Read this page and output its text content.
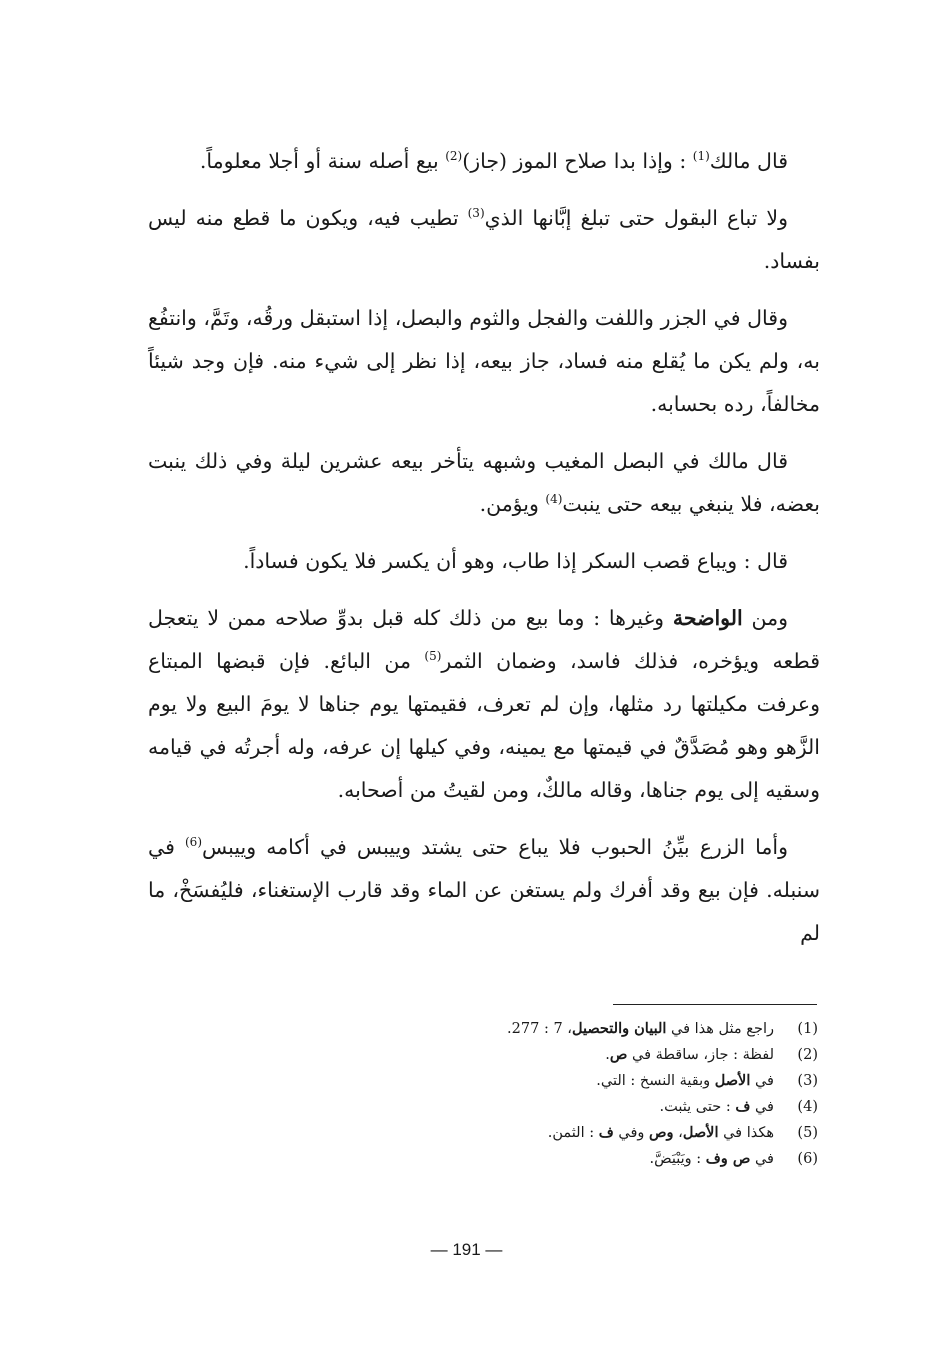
قال مالك$^{(1)}$ : وإذا بدا صلاح الموز (جاز)$^{(2)}$ بيع أصله سنة أو أجلا معلوماً.

ولا تباع البقول حتى تبلغ إبَّانها الذي$^{(3)}$ تطيب فيه، ويكون ما قطع منه ليس بفساد.

وقال في الجزر واللفت والفجل والثوم والبصل، إذا استبقل ورقُه، وتَمَّ، وانتفُع به، ولم يكن ما يُقلع منه فساد، جاز بيعه، إذا نظر إلى شيء منه. فإن وجد شيئاً مخالفاً، رده بحسابه.

قال مالك في البصل المغيب وشبهه يتأخر بيعه عشرين ليلة وفي ذلك ينبت بعضه، فلا ينبغي بيعه حتى ينبت$^{(4)}$ ويؤمن.

قال : ويباع قصب السكر إذا طاب، وهو أن يكسر فلا يكون فساداً.

ومن الواضحة وغيرها : وما بيع من ذلك كله قبل بدوِّ صلاحه ممن لا يتعجل قطعه ويؤخره، فذلك فاسد، وضمان الثمر$^{(5)}$ من البائع. فإن قبضها المبتاع وعرفت مكيلتها رد مثلها، وإن لم تعرف، فقيمتها يوم جناها لا يومَ البيع ولا يوم الزَّهو وهو مُصَدَّقٌ في قيمتها مع يمينه، وفي كيلها إن عرفه، وله أجرتُه في قيامه وسقيه إلى يوم جناها، وقاله مالكٌ، ومن لقيتُ من أصحابه.

وأما الزرع بيِّنُ الحبوب فلا يباع حتى يشتد وييبس في أكامه وييبس$^{(6)}$ في سنبله. فإن بيع وقد أفرك ولم يستغن عن الماء وقد قارب الإستغناء، فليُفسَخْ، ما لم

(1)
راجع مثل هذا في البيان والتحصيل، 7 : 277.
(2)
لفظة : جاز، ساقطة في ص.
(3)
في الأصل وبقية النسخ : التي.
(4)
في ف : حتى يثبت.
(5)
هكذا في الأصل، وص وفي ف : الثمن.
(6)
في ص وف : ويَبْيَضَّ.
— 191 —
